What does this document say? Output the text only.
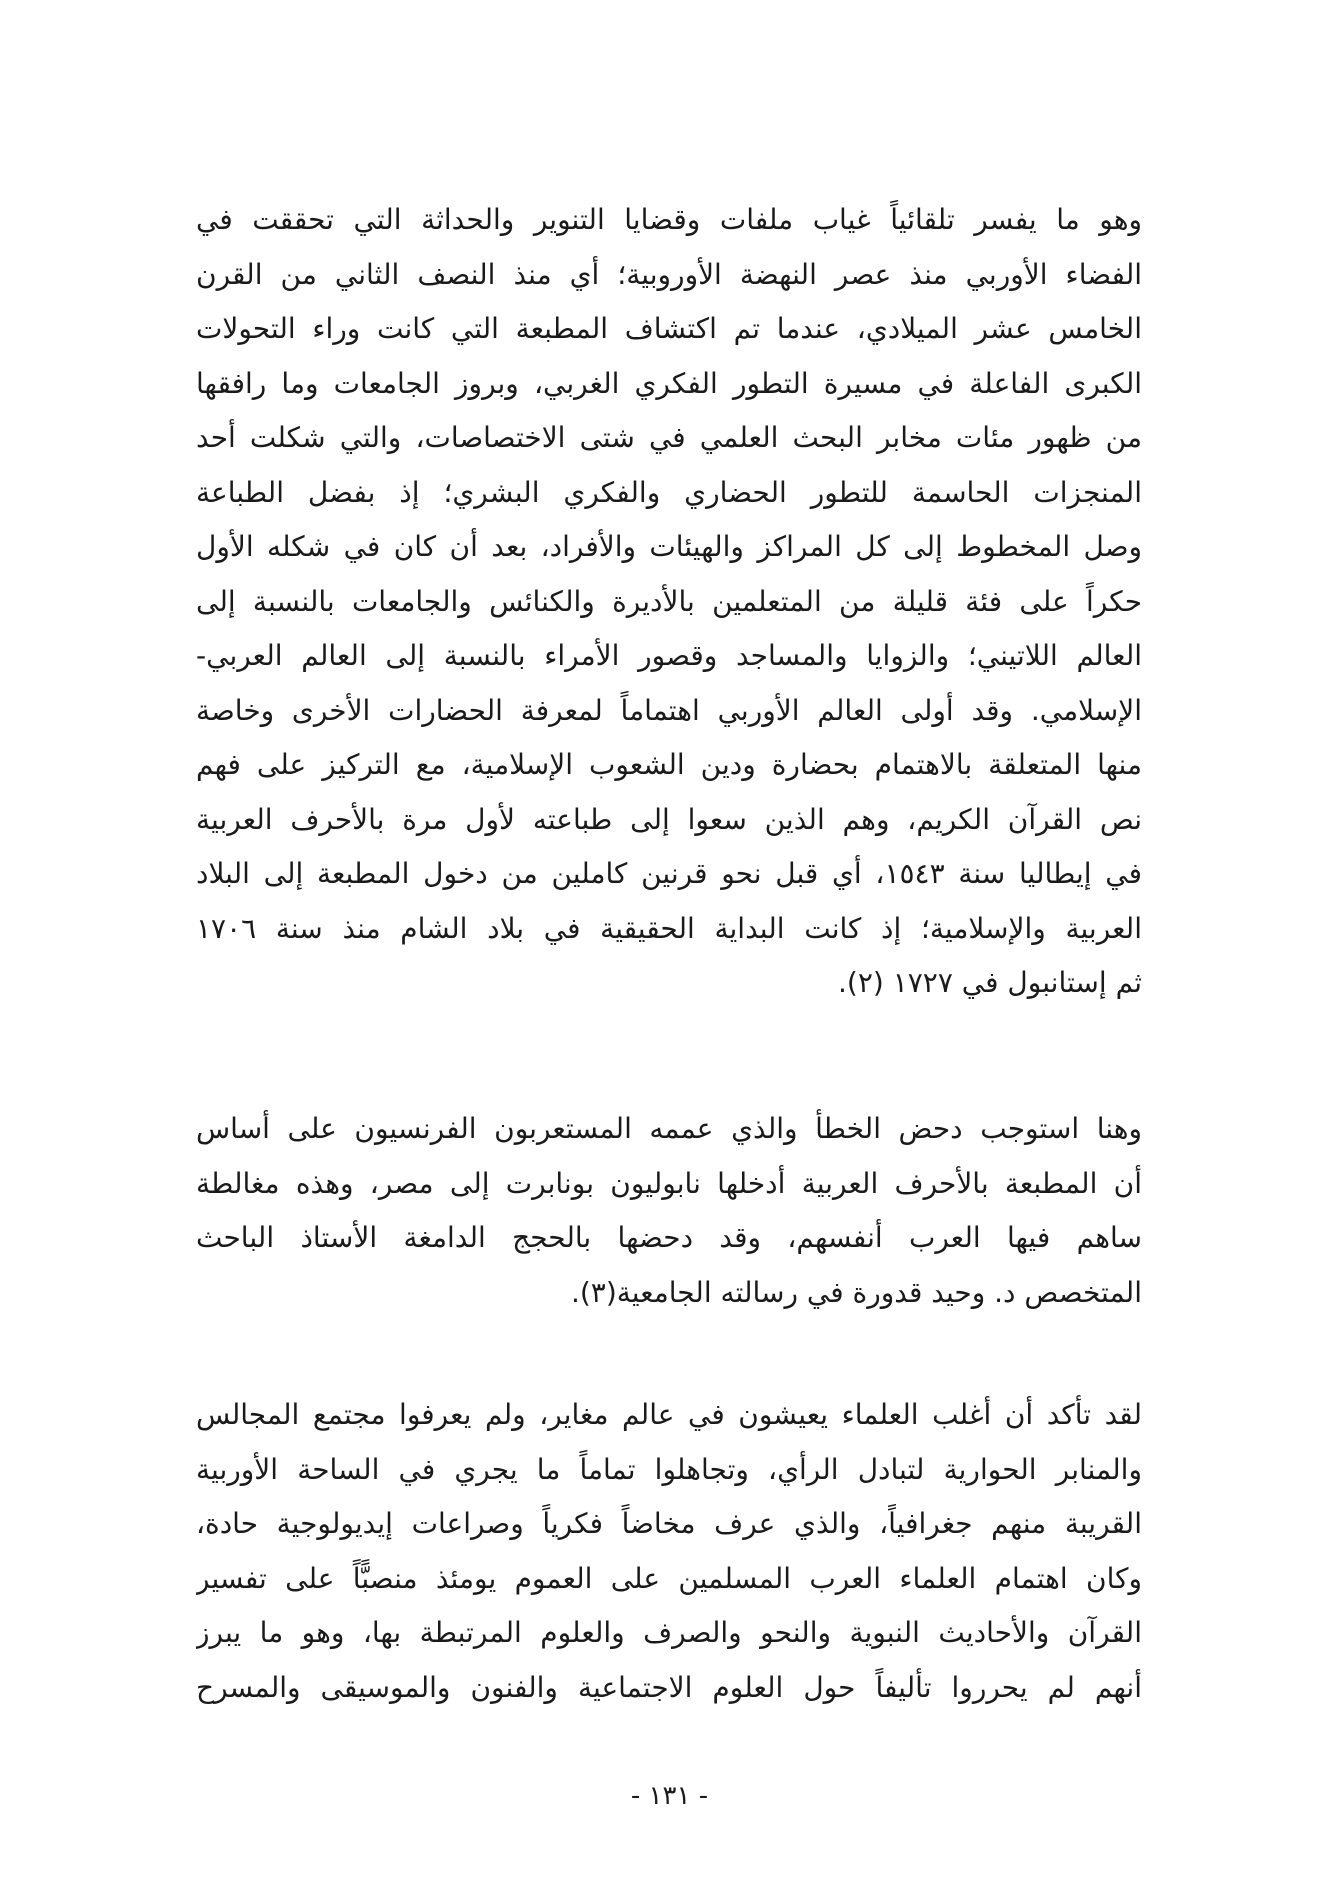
وهو ما يفسر تلقائياً غياب ملفات وقضايا التنوير والحداثة التي تحققت في
الفضاء الأوربي منذ عصر النهضة الأوروبية؛ أي منذ النصف الثاني من القرن
الخامس عشر الميلادي، عندما تم اكتشاف المطبعة التي كانت وراء التحولات
الكبرى الفاعلة في مسيرة التطور الفكري الغربي، وبروز الجامعات وما رافقها
من ظهور مئات مخابر البحث العلمي في شتى الاختصاصات، والتي شكلت أحد
المنجزات الحاسمة للتطور الحضاري والفكري البشري؛ إذ بفضل الطباعة
وصل المخطوط إلى كل المراكز والهيئات والأفراد، بعد أن كان في شكله الأول
حكراً على فئة قليلة من المتعلمين بالأديرة والكنائس والجامعات بالنسبة إلى
العالم اللاتيني؛ والزوايا والمساجد وقصور الأمراء بالنسبة إلى العالم العربي-
الإسلامي. وقد أولى العالم الأوربي اهتماماً لمعرفة الحضارات الأخرى وخاصة
منها المتعلقة بالاهتمام بحضارة ودين الشعوب الإسلامية، مع التركيز على فهم
نص القرآن الكريم، وهم الذين سعوا إلى طباعته لأول مرة بالأحرف العربية
في إيطاليا سنة ١٥٤٣، أي قبل نحو قرنين كاملين من دخول المطبعة إلى البلاد
العربية والإسلامية؛ إذ كانت البداية الحقيقية في بلاد الشام منذ سنة ١٧٠٦
ثم إستانبول في ١٧٢٧ (٢).
وهنا استوجب دحض الخطأ والذي عممه المستعربون الفرنسيون على أساس
أن المطبعة بالأحرف العربية أدخلها نابوليون بونابرت إلى مصر، وهذه مغالطة
ساهم فيها العرب أنفسهم، وقد دحضها بالحجج الدامغة الأستاذ الباحث
المتخصص د. وحيد قدورة في رسالته الجامعية(٣).
لقد تأكد أن أغلب العلماء يعيشون في عالم مغاير، ولم يعرفوا مجتمع المجالس
والمنابر الحوارية لتبادل الرأي، وتجاهلوا تماماً ما يجري في الساحة الأوربية
القريبة منهم جغرافياً، والذي عرف مخاضاً فكرياً وصراعات إيديولوجية حادة،
وكان اهتمام العلماء العرب المسلمين على العموم يومئذ منصبًّاً على تفسير
القرآن والأحاديث النبوية والنحو والصرف والعلوم المرتبطة بها، وهو ما يبرز
أنهم لم يحرروا تأليفاً حول العلوم الاجتماعية والفنون والموسيقى والمسرح
- ١٣١ -
